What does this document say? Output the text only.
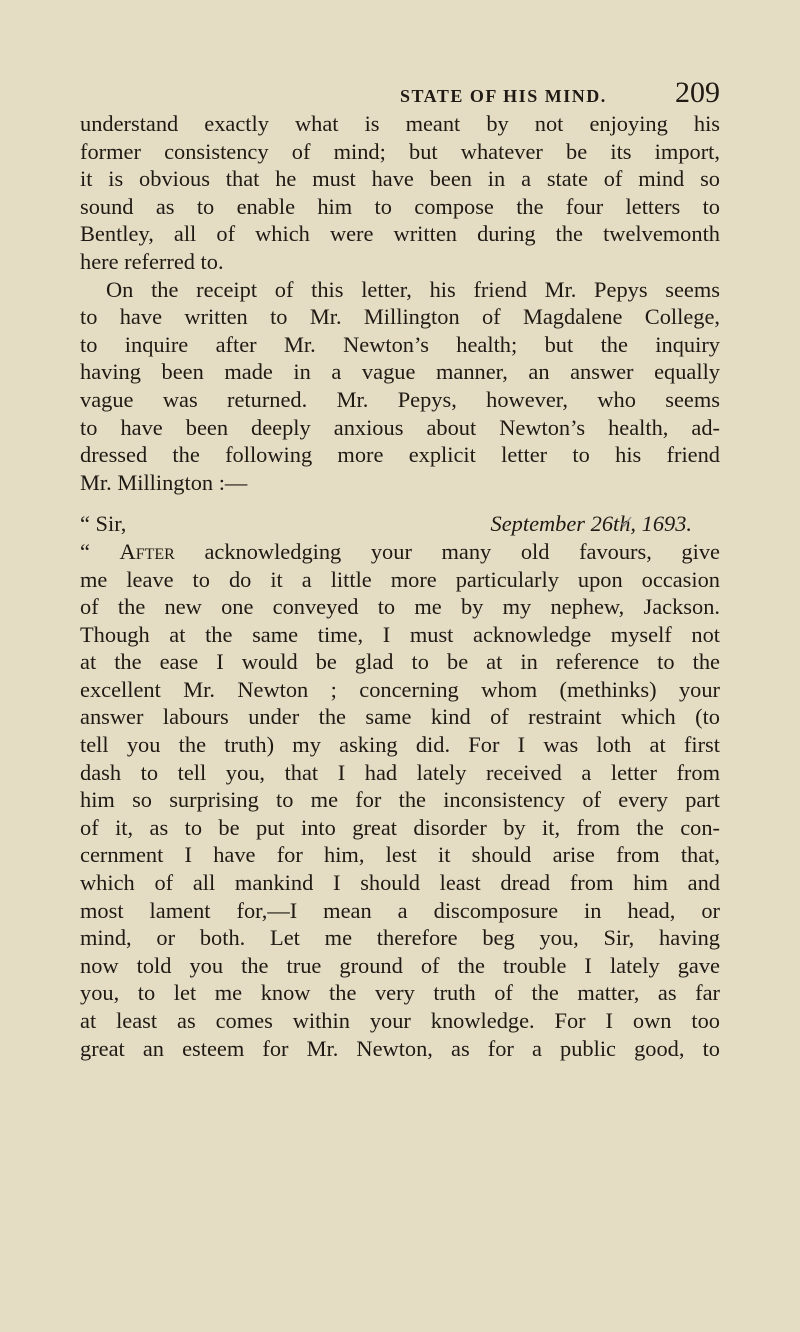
STATE OF HIS MIND. 209
understand exactly what is meant by not enjoying his
former consistency of mind; but whatever be its import,
it is obvious that he must have been in a state of mind so
sound as to enable him to compose the four letters to
Bentley, all of which were written during the twelvemonth
here referred to.
On the receipt of this letter, his friend Mr. Pepys seems
to have written to Mr. Millington of Magdalene College,
to inquire after Mr. Newton’s health; but the inquiry
having been made in a vague manner, an answer equally
vague was returned. Mr. Pepys, however, who seems
to have been deeply anxious about Newton’s health, ad-
dressed the following more explicit letter to his friend
Mr. Millington :—
“ Sir,	September 26th, 1693.
“ After acknowledging your many old favours, give
me leave to do it a little more particularly upon occasion
of the new one conveyed to me by my nephew, Jackson.
Though at the same time, I must acknowledge myself not
at the ease I would be glad to be at in reference to the
excellent Mr. Newton ; concerning whom (methinks) your
answer labours under the same kind of restraint which (to
tell you the truth) my asking did. For I was loth at first
dash to tell you, that I had lately received a letter from
him so surprising to me for the inconsistency of every part
of it, as to be put into great disorder by it, from the con-
cernment I have for him, lest it should arise from that,
which of all mankind I should least dread from him and
most lament for,—I mean a discomposure in head, or
mind, or both. Let me therefore beg you, Sir, having
now told you the true ground of the trouble I lately gave
you, to let me know the very truth of the matter, as far
at least as comes within your knowledge. For I own too
great an esteem for Mr. Newton, as for a public good, to
